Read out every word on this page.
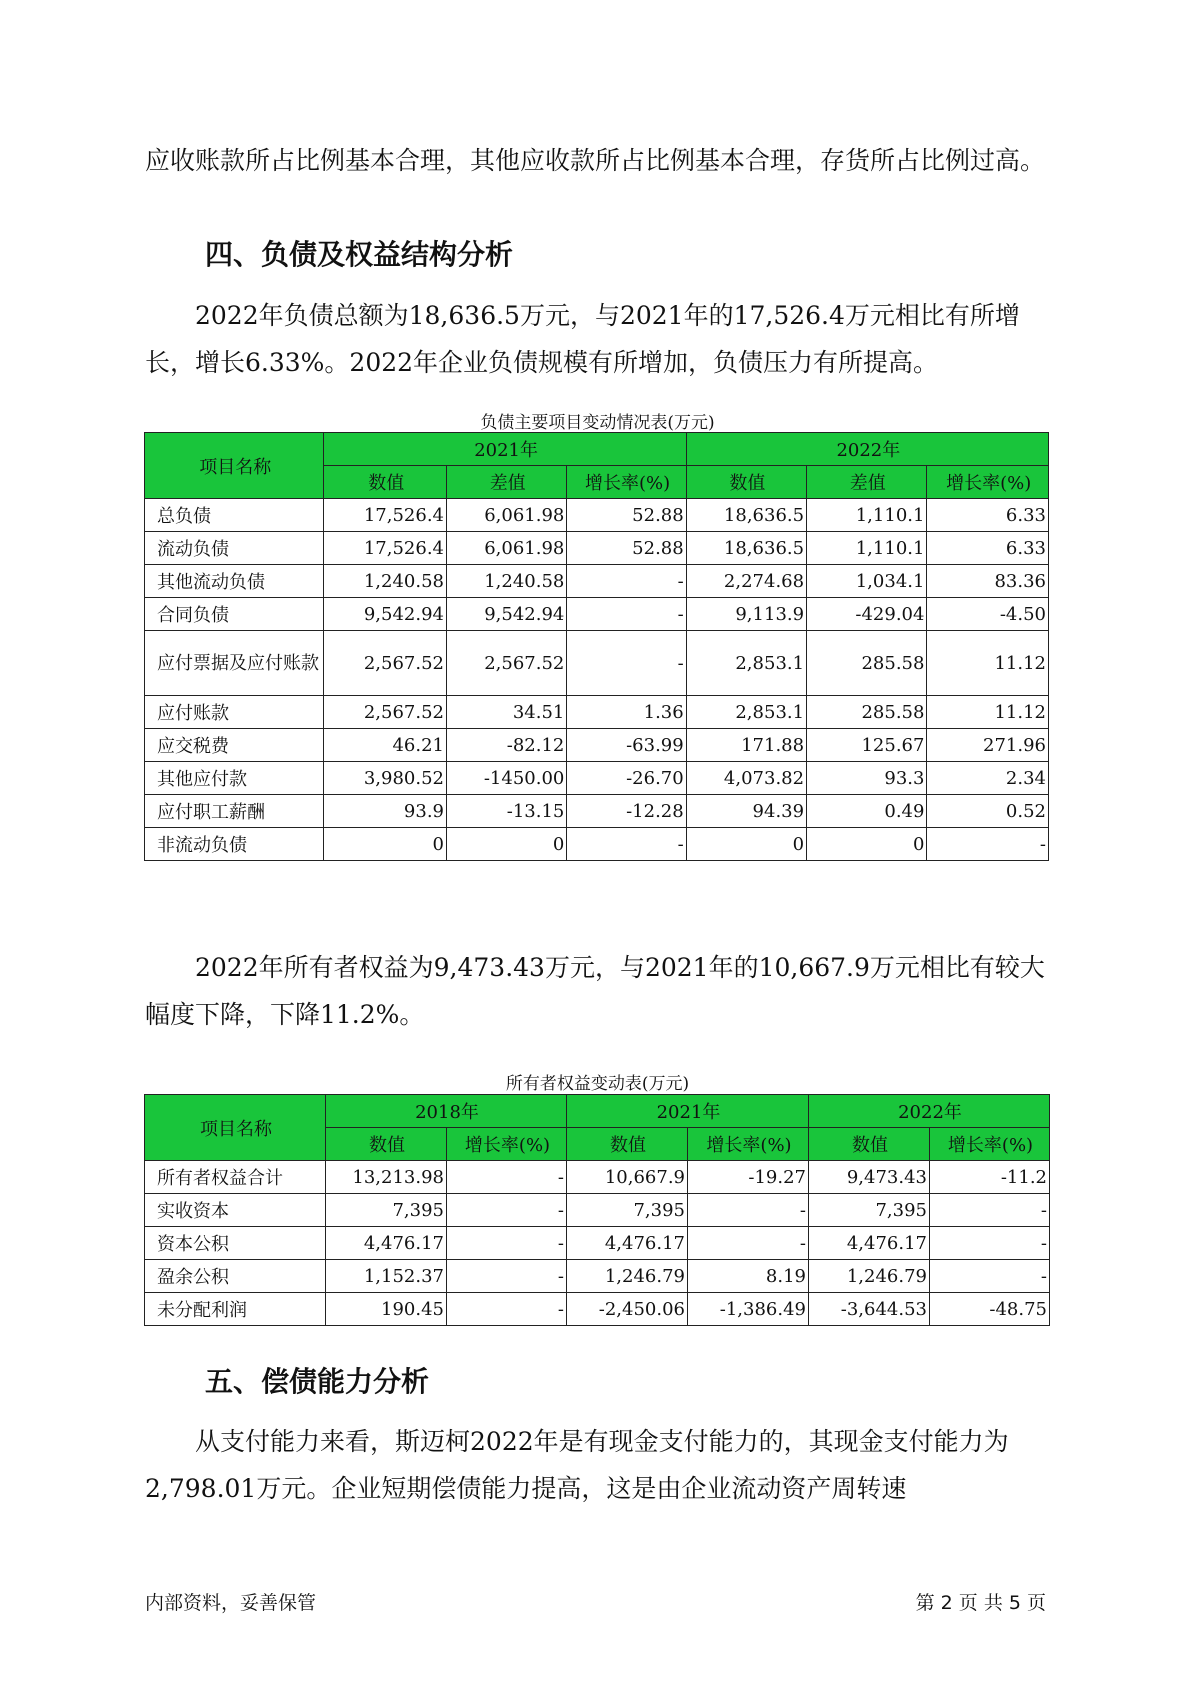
应收账款所占比例基本合理，其他应收款所占比例基本合理，存货所占比例过高。

四、负债及权益结构分析

2022年负债总额为18,636.5万元，与2021年的17,526.4万元相比有所增长，增长6.33%。2022年企业负债规模有所增加，负债压力有所提高。

负债主要项目变动情况表(万元)

项目名称	2021年			2022年		
	数值	差值	增长率(%)	数值	差值	增长率(%)
总负债	17,526.4	6,061.98	52.88	18,636.5	1,110.1	6.33
流动负债	17,526.4	6,061.98	52.88	18,636.5	1,110.1	6.33
其他流动负债	1,240.58	1,240.58	-	2,274.68	1,034.1	83.36
合同负债	9,542.94	9,542.94	-	9,113.9	-429.04	-4.50
应付票据及应付账款	2,567.52	2,567.52	-	2,853.1	285.58	11.12
应付账款	2,567.52	34.51	1.36	2,853.1	285.58	11.12
应交税费	46.21	-82.12	-63.99	171.88	125.67	271.96
其他应付款	3,980.52	-1450.00	-26.70	4,073.82	93.3	2.34
应付职工薪酬	93.9	-13.15	-12.28	94.39	0.49	0.52
非流动负债	0	0	-	0	0	-

2022年所有者权益为9,473.43万元，与2021年的10,667.9万元相比有较大幅度下降，下降11.2%。

所有者权益变动表(万元)

项目名称	2018年		2021年		2022年	
	数值	增长率(%)	数值	增长率(%)	数值	增长率(%)
所有者权益合计	13,213.98	-	10,667.9	-19.27	9,473.43	-11.2
实收资本	7,395	-	7,395	-	7,395	-
资本公积	4,476.17	-	4,476.17	-	4,476.17	-
盈余公积	1,152.37	-	1,246.79	8.19	1,246.79	-
未分配利润	190.45	-	-2,450.06	-1,386.49	-3,644.53	-48.75
五、偿债能力分析

从支付能力来看，斯迈柯2022年是有现金支付能力的，其现金支付能力为2,798.01万元。企业短期偿债能力提高，这是由企业流动资产周转速

内部资料，妥善保管	第 2 页 共 5 页
